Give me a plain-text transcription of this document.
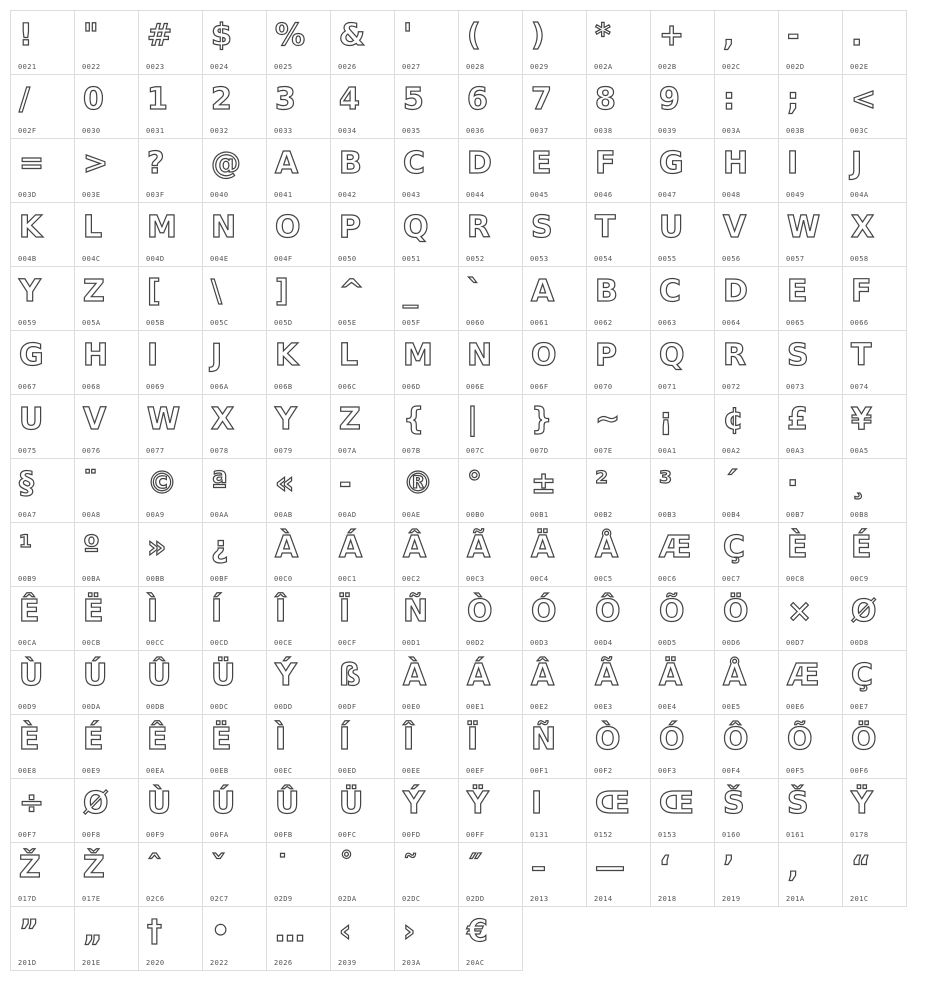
!
0021
"
0022
#
0023
$
0024
%
0025
&
0026
'
0027
(
0028
)
0029
*
002A
+
002B
,
002C
-
002D
.
002E
/
002F
0
0030
1
0031
2
0032
3
0033
4
0034
5
0035
6
0036
7
0037
8
0038
9
0039
:
003A
;
003B
<
003C
=
003D
>
003E
?
003F
@
0040
A
0041
B
0042
C
0043
D
0044
E
0045
F
0046
G
0047
H
0048
I
0049
J
004A
K
004B
L
004C
M
004D
N
004E
O
004F
P
0050
Q
0051
R
0052
S
0053
T
0054
U
0055
V
0056
W
0057
X
0058
Y
0059
Z
005A
[
005B
\
005C
]
005D
^
005E
_
005F
`
0060
A
0061
B
0062
C
0063
D
0064
E
0065
F
0066
G
0067
H
0068
I
0069
J
006A
K
006B
L
006C
M
006D
N
006E
O
006F
P
0070
Q
0071
R
0072
S
0073
T
0074
U
0075
V
0076
W
0077
X
0078
Y
0079
Z
007A
{
007B
|
007C
}
007D
~
007E
¡
00A1
¢
00A2
£
00A3
¥
00A5
§
00A7
¨
00A8
©
00A9
ª
00AA
«
00AB
-
00AD
®
00AE
°
00B0
±
00B1
²
00B2
³
00B3
´
00B4
·
00B7
¸
00B8
¹
00B9
º
00BA
»
00BB
¿
00BF
À
00C0
Á
00C1
Â
00C2
Ã
00C3
Ä
00C4
Å
00C5
Æ
00C6
Ç
00C7
È
00C8
É
00C9
Ê
00CA
Ë
00CB
Ì
00CC
Í
00CD
Î
00CE
Ï
00CF
Ñ
00D1
Ò
00D2
Ó
00D3
Ô
00D4
Õ
00D5
Ö
00D6
×
00D7
Ø
00D8
Ù
00D9
Ú
00DA
Û
00DB
Ü
00DC
Ý
00DD
ß
00DF
À
00E0
Á
00E1
Â
00E2
Ã
00E3
Ä
00E4
Å
00E5
Æ
00E6
Ç
00E7
È
00E8
É
00E9
Ê
00EA
Ë
00EB
Ì
00EC
Í
00ED
Î
00EE
Ï
00EF
Ñ
00F1
Ò
00F2
Ó
00F3
Ô
00F4
Õ
00F5
Ö
00F6
÷
00F7
Ø
00F8
Ù
00F9
Ú
00FA
Û
00FB
Ü
00FC
Ý
00FD
Ÿ
00FF
I
0131
Œ
0152
Œ
0153
Š
0160
Š
0161
Ÿ
0178
Ž
017D
Ž
017E
ˆ
02C6
ˇ
02C7
˙
02D9
˚
02DA
˜
02DC
˝
02DD
–
2013
—
2014
‘
2018
’
2019
‚
201A
“
201C
”
201D
„
201E
†
2020
•
2022
…
2026
‹
2039
›
203A
€
20AC
